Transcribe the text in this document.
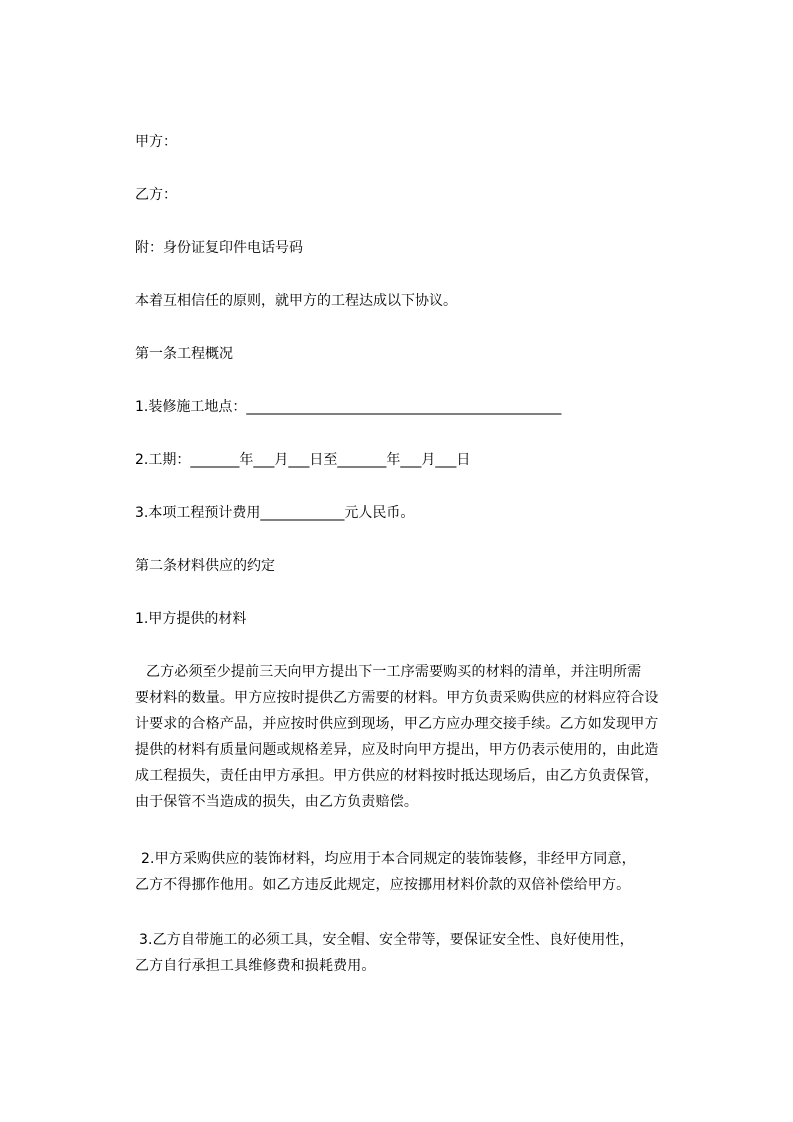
甲方：
乙方：
附：身份证复印件电话号码
本着互相信任的原则，就甲方的工程达成以下协议。
第一条工程概况
1.装修施工地点：_____________________________________________
2.工期：_______年___月___日至_______年___月___日
3.本项工程预计费用____________元人民币。
第二条材料供应的约定
1.甲方提供的材料
乙方必须至少提前三天向甲方提出下一工序需要购买的材料的清单，并注明所需
要材料的数量。甲方应按时提供乙方需要的材料。甲方负责采购供应的材料应符合设
计要求的合格产品，并应按时供应到现场，甲乙方应办理交接手续。乙方如发现甲方
提供的材料有质量问题或规格差异，应及时向甲方提出，甲方仍表示使用的，由此造
成工程损失，责任由甲方承担。甲方供应的材料按时抵达现场后，由乙方负责保管，
由于保管不当造成的损失，由乙方负责赔偿。
2.甲方采购供应的装饰材料，均应用于本合同规定的装饰装修，非经甲方同意，
乙方不得挪作他用。如乙方违反此规定，应按挪用材料价款的双倍补偿给甲方。
3.乙方自带施工的必须工具，安全帽、安全带等，要保证安全性、良好使用性，
乙方自行承担工具维修费和损耗费用。
